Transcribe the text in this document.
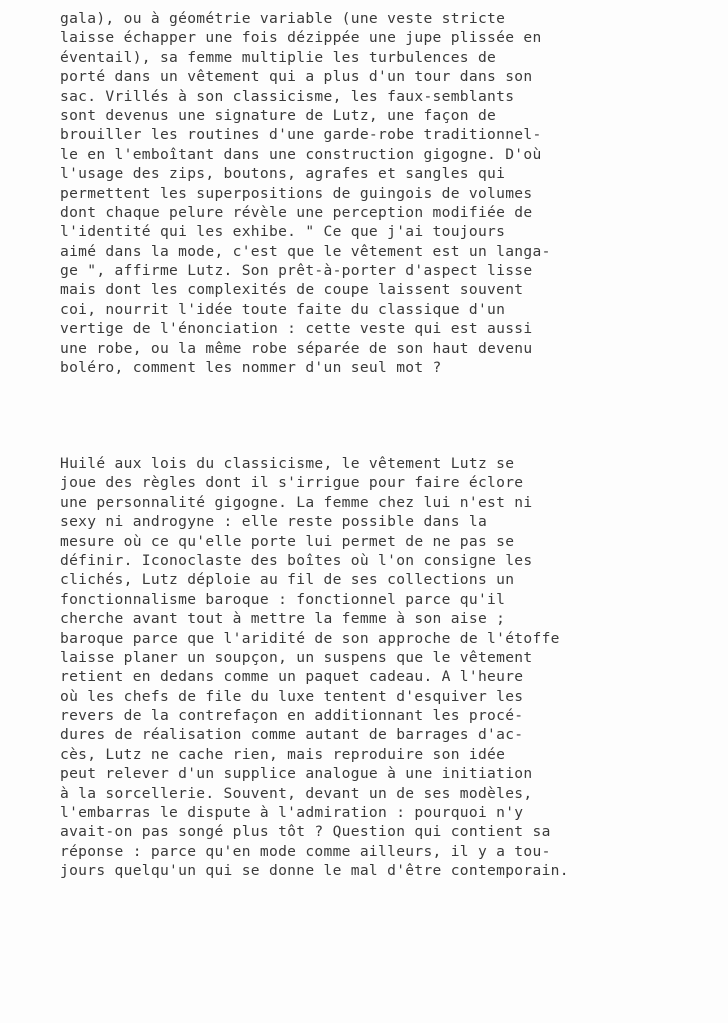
gala), ou à géométrie variable (une veste stricte
laisse échapper une fois dézippée une jupe plissée en
éventail), sa femme multiplie les turbulences de
porté dans un vêtement qui a plus d'un tour dans son
sac. Vrillés à son classicisme, les faux-semblants
sont devenus une signature de Lutz, une façon de
brouiller les routines d'une garde-robe traditionnel-
le en l'emboîtant dans une construction gigogne. D'où
l'usage des zips, boutons, agrafes et sangles qui
permettent les superpositions de guingois de volumes
dont chaque pelure révèle une perception modifiée de
l'identité qui les exhibe. " Ce que j'ai toujours
aimé dans la mode, c'est que le vêtement est un langa-
ge ", affirme Lutz. Son prêt-à-porter d'aspect lisse
mais dont les complexités de coupe laissent souvent
coi, nourrit l'idée toute faite du classique d'un
vertige de l'énonciation : cette veste qui est aussi
une robe, ou la même robe séparée de son haut devenu
boléro, comment les nommer d'un seul mot ?
Huilé aux lois du classicisme, le vêtement Lutz se
joue des règles dont il s'irrigue pour faire éclore
une personnalité gigogne. La femme chez lui n'est ni
sexy ni androgyne : elle reste possible dans la
mesure où ce qu'elle porte lui permet de ne pas se
définir. Iconoclaste des boîtes où l'on consigne les
clichés, Lutz déploie au fil de ses collections un
fonctionnalisme baroque : fonctionnel parce qu'il
cherche avant tout à mettre la femme à son aise ;
baroque parce que l'aridité de son approche de l'étoffe
laisse planer un soupçon, un suspens que le vêtement
retient en dedans comme un paquet cadeau. A l'heure
où les chefs de file du luxe tentent d'esquiver les
revers de la contrefaçon en additionnant les procé-
dures de réalisation comme autant de barrages d'ac-
cès, Lutz ne cache rien, mais reproduire son idée
peut relever d'un supplice analogue à une initiation
à la sorcellerie. Souvent, devant un de ses modèles,
l'embarras le dispute à l'admiration : pourquoi n'y
avait-on pas songé plus tôt ? Question qui contient sa
réponse : parce qu'en mode comme ailleurs, il y a tou-
jours quelqu'un qui se donne le mal d'être contemporain.
